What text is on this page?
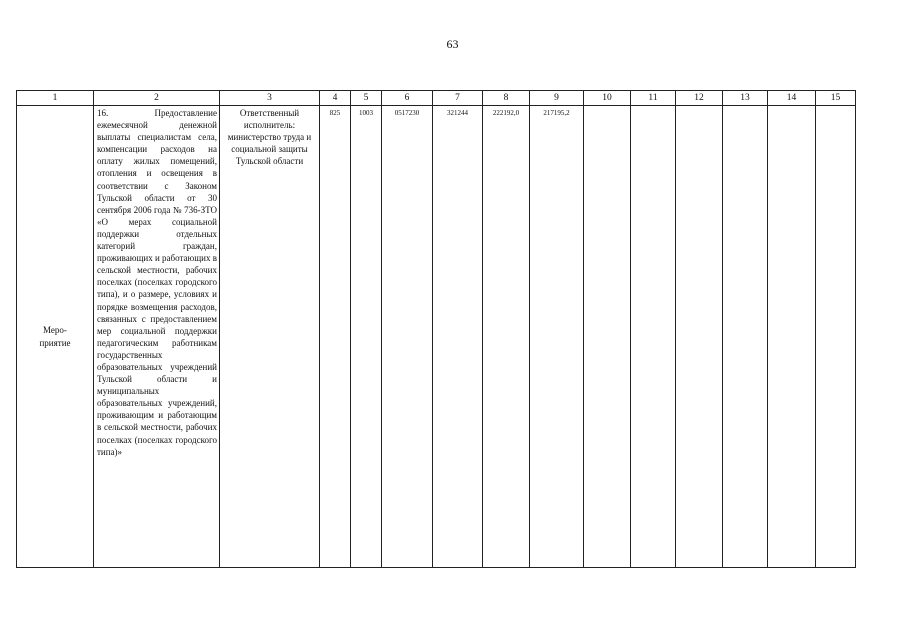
63
1	2	3	4	5	6	7	8	9	10	11	12	13	14	15
Меро-
приятие	16. Предоставление ежемесячной денежной выплаты специалистам села, компенсации расходов на оплату жилых помещений, отопления и освещения в соответствии с Законом Тульской области от 30 сентября 2006 года № 736-ЗТО «О мерах социальной поддержки отдельных категорий граждан, проживающих и работающих в сельской местности, рабочих поселках (поселках городского типа), и о размере, условиях и порядке возмещения расходов, связанных с предоставлением мер социальной поддержки педагогическим работникам государственных образовательных учреждений Тульской области и муниципальных образовательных учреждений, проживающим и работающим в сельской местности, рабочих поселках (поселках городского типа)»	Ответственный исполнитель: министерство труда и социальной защиты Тульской области	825	1003	0517230	321244	222192,0	217195,2						
